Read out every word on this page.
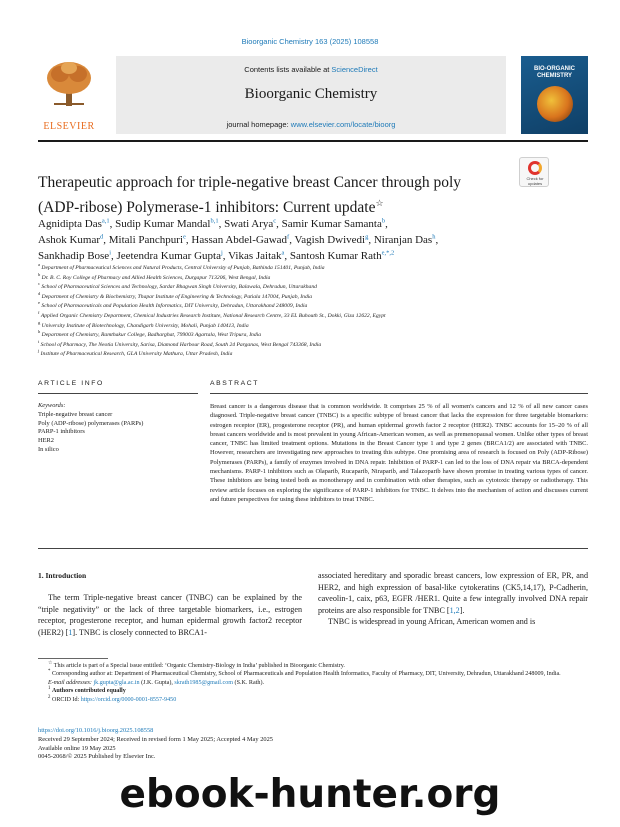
Bioorganic Chemistry 163 (2025) 108558
ELSEVIER
Contents lists available at ScienceDirect
Bioorganic Chemistry
journal homepage: www.elsevier.com/locate/bioorg
BIO-ORGANIC CHEMISTRY
Therapeutic approach for triple-negative breast Cancer through poly (ADP-ribose) Polymerase-1 inhibitors: Current update☆
Check for updates
Agnidipta Das$^{a,1}$, Sudip Kumar Mandal$^{b,1}$, Swati Arya$^c$, Samir Kumar Samanta$^b$,
Ashok Kumar$^d$, Mitali Panchpuri$^e$, Hassan Abdel-Gawad$^f$, Vagish Dwivedi$^g$, Niranjan Das$^h$,
Sankhadip Bose$^i$, Jeetendra Kumar Gupta$^j$, Vikas Jaitak$^a$, Santosh Kumar Rath$^{e,*,2}$
$^a$ Department of Pharmaceutical Sciences and Natural Products, Central University of Punjab, Bathinda 151401, Punjab, India
$^b$ Dr. B. C. Roy College of Pharmacy and Allied Health Sciences, Durgapur 713206, West Bengal, India
$^c$ School of Pharmaceutical Sciences and Technology, Sardar Bhagwan Singh University, Balawala, Dehradun, Uttarakhand
$^d$ Department of Chemistry & Biochemistry, Thapar Institute of Engineering & Technology, Patiala 147004, Punjab, India
$^e$ School of Pharmaceuticals and Population Health Informatics, DIT University, Dehradun, Uttarakhand 248009, India
$^f$ Applied Organic Chemistry Department, Chemical Industries Research Institute, National Research Centre, 33 EL Buhouth St., Dokki, Giza 12622, Egypt
$^g$ University Institute of Biotechnology, Chandigarh University, Mohali, Punjab 140413, India
$^h$ Department of Chemistry, Ramthakur College, Badharghat, 799003 Agartala, West Tripura, India
$^i$ School of Pharmacy, The Neotia University, Sarisa, Diamond Harbour Road, South 24 Parganas, West Bengal 743368, India
$^j$ Institute of Pharmaceutical Research, GLA University Mathura, Uttar Pradesh, India
ARTICLE INFO	ABSTRACT
Keywords:
Triple-negative breast cancer
Poly (ADP-ribose) polymerases (PARPs)
PARP-1 inhibitors
HER2
In silico
Breast cancer is a dangerous disease that is common worldwide. It comprises 25 % of all women's cancers and 12 % of all new cancer cases diagnosed. Triple-negative breast cancer (TNBC) is a specific subtype of breast cancer that lacks the expression for three targetable biomarkers: estrogen receptor (ER), progesterone receptor (PR), and human epidermal growth factor 2 receptor (HER2). TNBC accounts for 15–20 % of all breast cancers worldwide and is most prevalent in young African-American women, as well as premenopausal women. Unlike other types of breast cancer, TNBC has limited treatment options. Mutations in the Breast Cancer type 1 and type 2 genes (BRCA1/2) are associated with TNBC. However, researchers are investigating new approaches to treating this subtype. One promising area of research is focused on Poly (ADP-Ribose) Polymerases (PARPs), a family of enzymes involved in DNA repair. Inhibition of PARP-1 can led to the loss of DNA repair via BRCA-dependent mechanisms. PARP-1 inhibitors such as Olaparib, Rucaparib, Niraparib, and Talazoparib have shown promise in treating various types of cancer. These inhibitors are being tested both as monotherapy and in combination with other therapies, such as cytotoxic therapy or radiotherapy. This review article focuses on exploring the significance of PARP-1 inhibitors for TNBC. It delves into the mechanism of action and discusses current and future perspectives for using these inhibitors to treat TNBC.
1. Introduction

The term Triple-negative breast cancer (TNBC) can be explained by the “triple negativity” or the lack of three targetable biomarkers, i.e., estrogen receptor, progesterone receptor, and human epidermal growth factor2 receptor (HER2) [1]. TNBC is closely connected to BRCA1-

associated hereditary and sporadic breast cancers, low expression of ER, PR, and HER2, and high expression of basal-like cytokeratins (CK5,14,17), P-Cadherin, caveolin-1, caix, p63, EGFR /HER1. Quite a few integrally involved DNA repair proteins are also responsible for TNBC [1,2].

TNBC is widespread in young African, American women and is

☆ This article is part of a Special issue entitled: ‘Organic Chemistry-Biology in India’ published in Bioorganic Chemistry.
* Corresponding author at: Department of Pharmaceutical Chemistry, School of Pharmaceuticals and Population Health Informatics, Faculty of Pharmacy, DIT, University, Dehradun, Uttarakhand 248009, India.
E-mail addresses: jk.gupta@gla.ac.in (J.K. Gupta), skrath1985@gmail.com (S.K. Rath).
$^1$ Authors contributed equally
$^2$ ORCID Id: https://orcid.org/0000-0001-8557-9450
https://doi.org/10.1016/j.bioorg.2025.108558
Received 29 September 2024; Received in revised form 1 May 2025; Accepted 4 May 2025
Available online 19 May 2025
0045-2068/© 2025 Published by Elsevier Inc.
ebook-hunter.org
